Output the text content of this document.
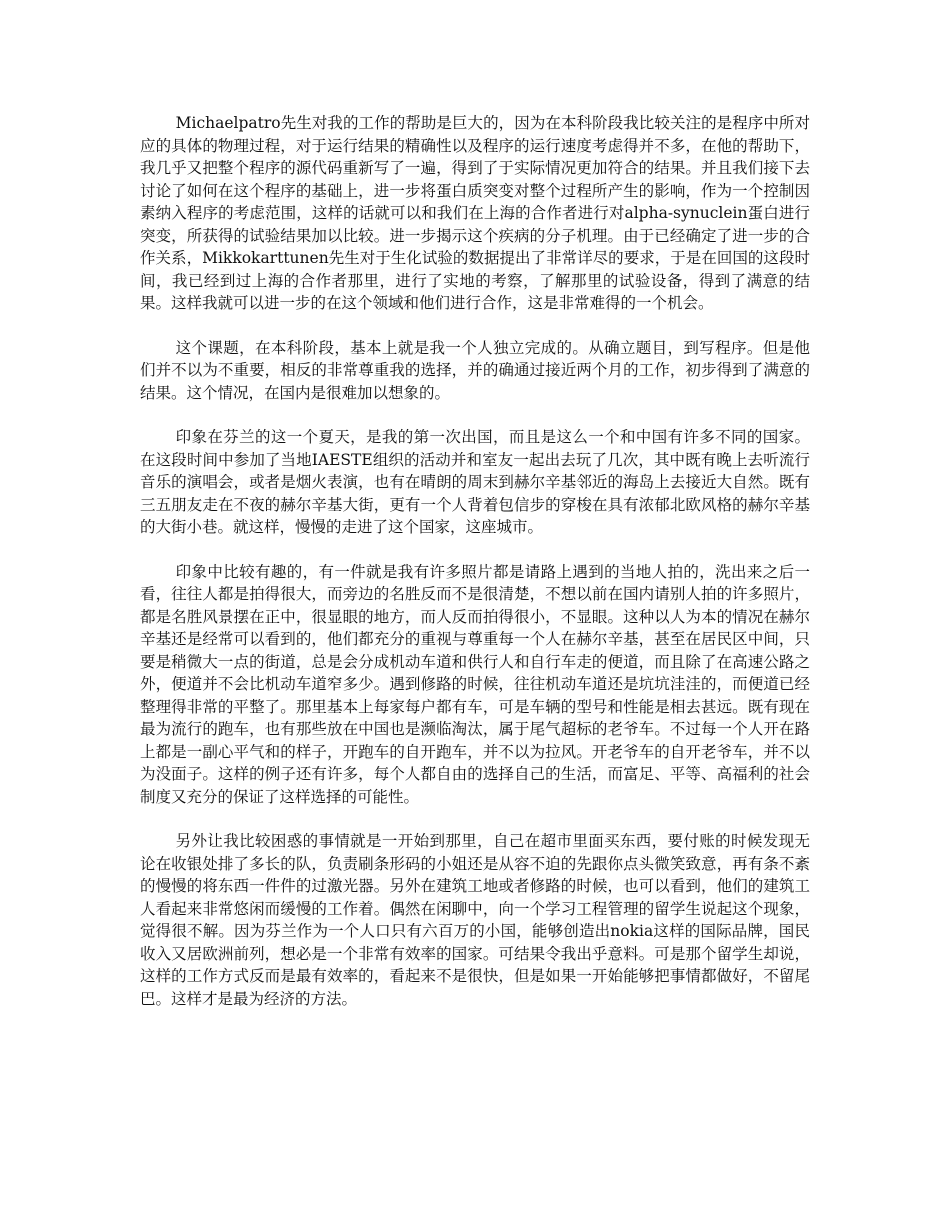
Michaelpatro先生对我的工作的帮助是巨大的，因为在本科阶段我比较关注的是程序中所对应的具体的物理过程，对于运行结果的精确性以及程序的运行速度考虑得并不多，在他的帮助下，我几乎又把整个程序的源代码重新写了一遍，得到了于实际情况更加符合的结果。并且我们接下去讨论了如何在这个程序的基础上，进一步将蛋白质突变对整个过程所产生的影响，作为一个控制因素纳入程序的考虑范围，这样的话就可以和我们在上海的合作者进行对alpha-synuclein蛋白进行突变，所获得的试验结果加以比较。进一步揭示这个疾病的分子机理。由于已经确定了进一步的合作关系，Mikkokarttunen先生对于生化试验的数据提出了非常详尽的要求，于是在回国的这段时间，我已经到过上海的合作者那里，进行了实地的考察，了解那里的试验设备，得到了满意的结果。这样我就可以进一步的在这个领域和他们进行合作，这是非常难得的一个机会。

这个课题，在本科阶段，基本上就是我一个人独立完成的。从确立题目，到写程序。但是他们并不以为不重要，相反的非常尊重我的选择，并的确通过接近两个月的工作，初步得到了满意的结果。这个情况，在国内是很难加以想象的。

印象在芬兰的这一个夏天，是我的第一次出国，而且是这么一个和中国有许多不同的国家。在这段时间中参加了当地IAESTE组织的活动并和室友一起出去玩了几次，其中既有晚上去听流行音乐的演唱会，或者是烟火表演，也有在晴朗的周末到赫尔辛基邻近的海岛上去接近大自然。既有三五朋友走在不夜的赫尔辛基大街，更有一个人背着包信步的穿梭在具有浓郁北欧风格的赫尔辛基的大街小巷。就这样，慢慢的走进了这个国家，这座城市。

印象中比较有趣的，有一件就是我有许多照片都是请路上遇到的当地人拍的，洗出来之后一看，往往人都是拍得很大，而旁边的名胜反而不是很清楚，不想以前在国内请别人拍的许多照片，都是名胜风景摆在正中，很显眼的地方，而人反而拍得很小，不显眼。这种以人为本的情况在赫尔辛基还是经常可以看到的，他们都充分的重视与尊重每一个人在赫尔辛基，甚至在居民区中间，只要是稍微大一点的街道，总是会分成机动车道和供行人和自行车走的便道，而且除了在高速公路之外，便道并不会比机动车道窄多少。遇到修路的时候，往往机动车道还是坑坑洼洼的，而便道已经整理得非常的平整了。那里基本上每家每户都有车，可是车辆的型号和性能是相去甚远。既有现在最为流行的跑车，也有那些放在中国也是濒临淘汰，属于尾气超标的老爷车。不过每一个人开在路上都是一副心平气和的样子，开跑车的自开跑车，并不以为拉风。开老爷车的自开老爷车，并不以为没面子。这样的例子还有许多，每个人都自由的选择自己的生活，而富足、平等、高福利的社会制度又充分的保证了这样选择的可能性。

另外让我比较困惑的事情就是一开始到那里，自己在超市里面买东西，要付账的时候发现无论在收银处排了多长的队，负责刷条形码的小姐还是从容不迫的先跟你点头微笑致意，再有条不紊的慢慢的将东西一件件的过激光器。另外在建筑工地或者修路的时候，也可以看到，他们的建筑工人看起来非常悠闲而缓慢的工作着。偶然在闲聊中，向一个学习工程管理的留学生说起这个现象，觉得很不解。因为芬兰作为一个人口只有六百万的小国，能够创造出nokia这样的国际品牌，国民收入又居欧洲前列，想必是一个非常有效率的国家。可结果令我出乎意料。可是那个留学生却说，这样的工作方式反而是最有效率的，看起来不是很快，但是如果一开始能够把事情都做好，不留尾巴。这样才是最为经济的方法。
